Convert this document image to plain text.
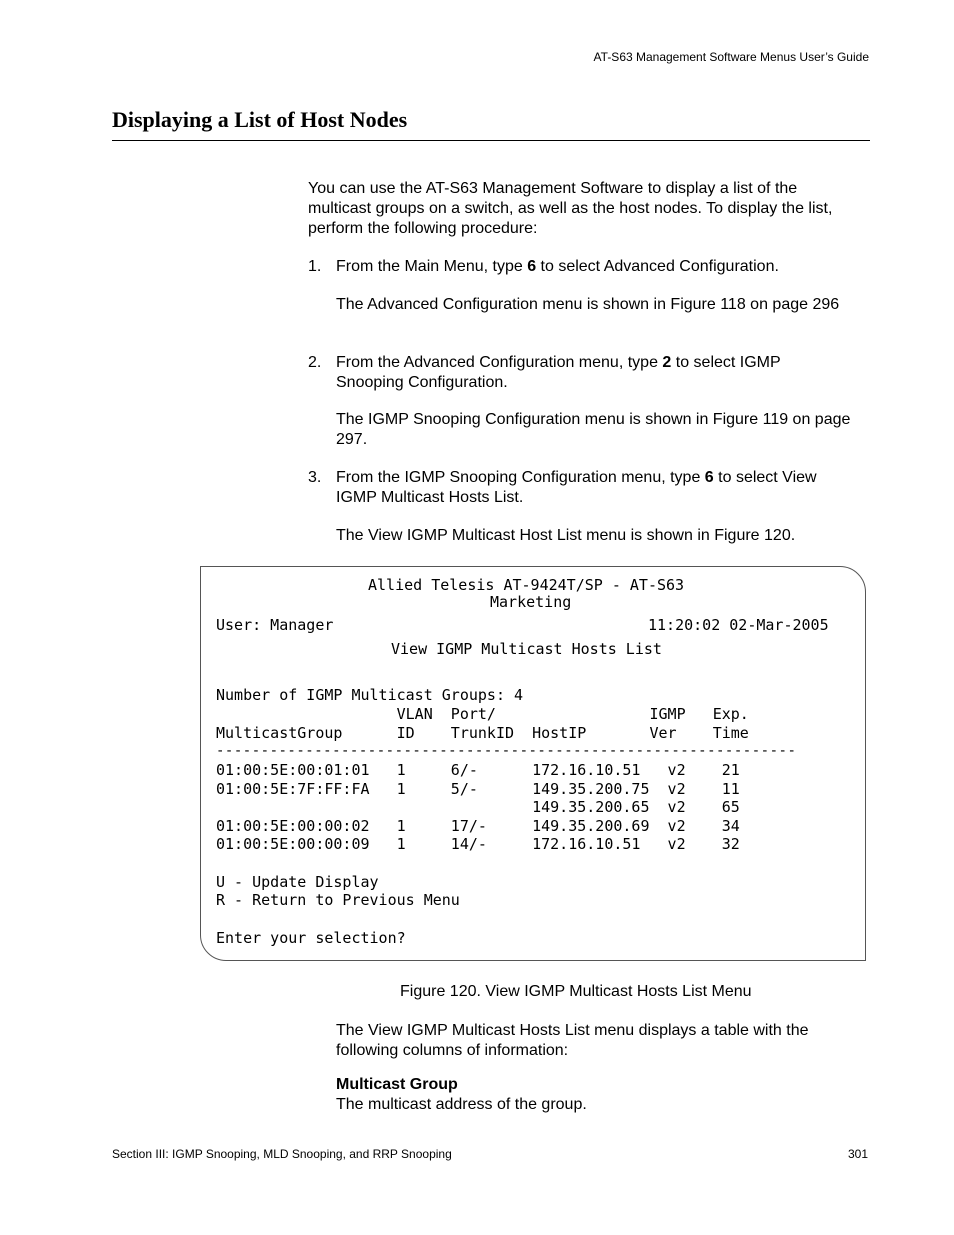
AT-S63 Management Software Menus User’s Guide
Displaying a List of Host Nodes
You can use the AT-S63 Management Software to display a list of the multicast groups on a switch, as well as the host nodes. To display the list, perform the following procedure:
1. From the Main Menu, type 6 to select Advanced Configuration.
The Advanced Configuration menu is shown in Figure 118 on page 296
2. From the Advanced Configuration menu, type 2 to select IGMP Snooping Configuration.
The IGMP Snooping Configuration menu is shown in Figure 119 on page 297.
3. From the IGMP Snooping Configuration menu, type 6 to select View IGMP Multicast Hosts List.
The View IGMP Multicast Host List menu is shown in Figure 120.
Allied Telesis AT-9424T/SP - AT-S63
Marketing
User: Manager	11:20:02 02-Mar-2005
View IGMP Multicast Hosts List
Number of IGMP Multicast Groups: 4
VLAN  Port/                 IGMP   Exp.
MulticastGroup      ID    TrunkID  HostIP       Ver    Time
-----------------------------------------------------------------
01:00:5E:00:01:01   1     6/-      172.16.10.51   v2    21
01:00:5E:7F:FF:FA   1     5/-      149.35.200.75  v2    11
149.35.200.65  v2    65
01:00:5E:00:00:02   1     17/-     149.35.200.69  v2    34
01:00:5E:00:00:09   1     14/-     172.16.10.51   v2    32
U - Update Display
R - Return to Previous Menu
Enter your selection?
Figure 120. View IGMP Multicast Hosts List Menu
The View IGMP Multicast Hosts List menu displays a table with the following columns of information:
Multicast Group
The multicast address of the group.
Section III: IGMP Snooping, MLD Snooping, and RRP Snooping	301
